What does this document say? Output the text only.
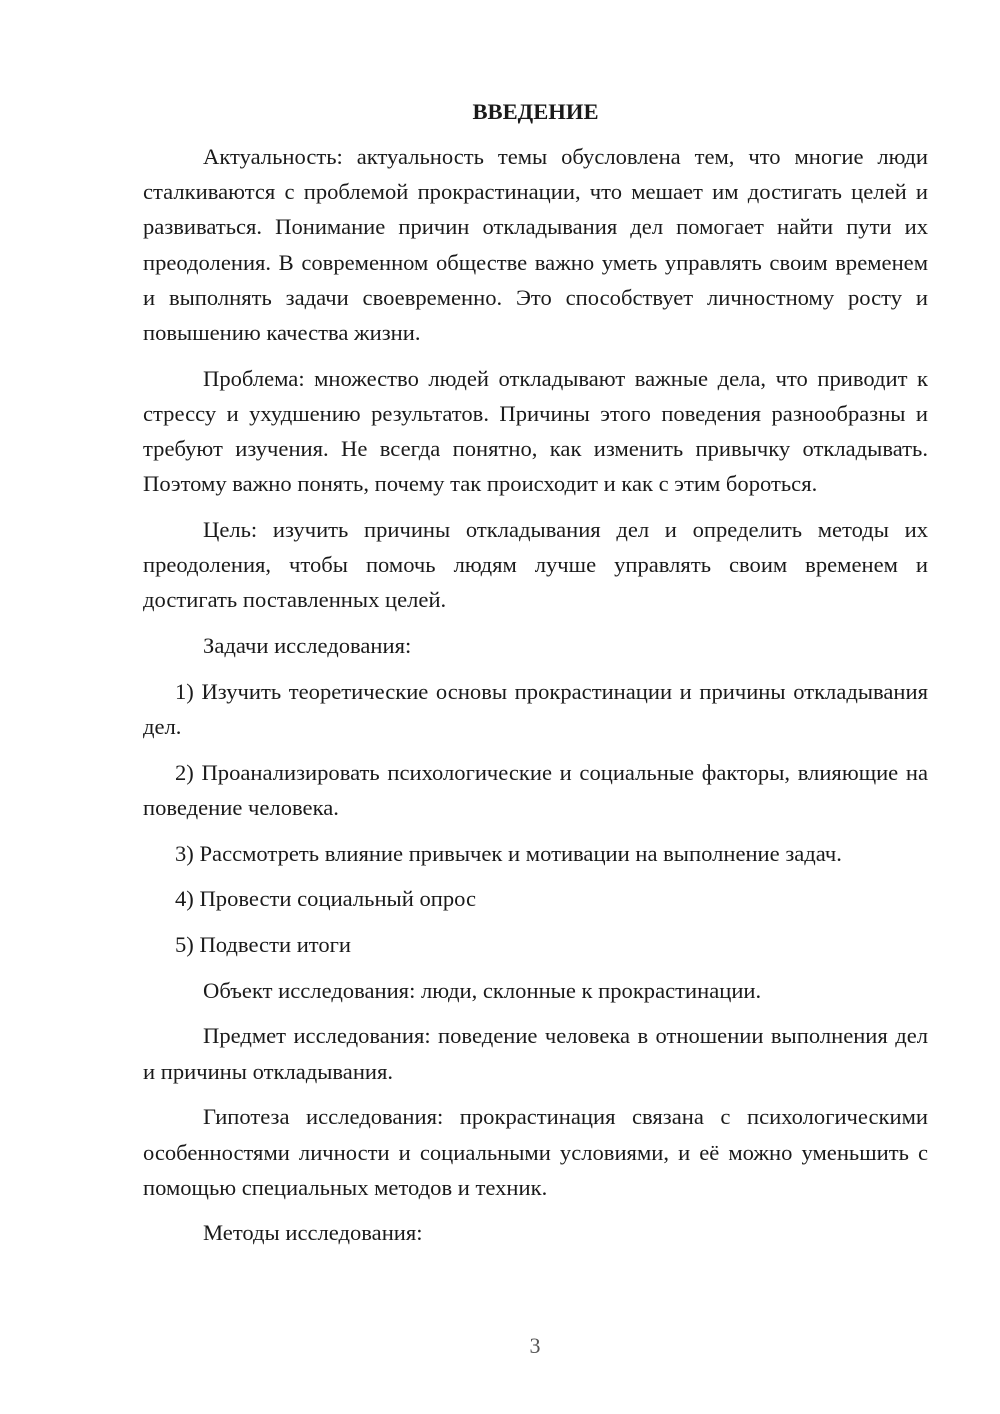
ВВЕДЕНИЕ

Актуальность: актуальность темы обусловлена тем, что многие люди сталкиваются с проблемой прокрастинации, что мешает им достигать целей и развиваться. Понимание причин откладывания дел помогает найти пути их преодоления. В современном обществе важно уметь управлять своим временем и выполнять задачи своевременно. Это способствует личностному росту и повышению качества жизни.

Проблема: множество людей откладывают важные дела, что приводит к стрессу и ухудшению результатов. Причины этого поведения разнообразны и требуют изучения. Не всегда понятно, как изменить привычку откладывать. Поэтому важно понять, почему так происходит и как с этим бороться.

Цель: изучить причины откладывания дел и определить методы их преодоления, чтобы помочь людям лучше управлять своим временем и достигать поставленных целей.

Задачи исследования:

1) Изучить теоретические основы прокрастинации и причины откладывания дел.

2) Проанализировать психологические и социальные факторы, влияющие на поведение человека.

3) Рассмотреть влияние привычек и мотивации на выполнение задач.

4) Провести социальный опрос

5) Подвести итоги

Объект исследования: люди, склонные к прокрастинации.

Предмет исследования: поведение человека в отношении выполнения дел и причины откладывания.

Гипотеза исследования: прокрастинация связана с психологическими особенностями личности и социальными условиями, и её можно уменьшить с помощью специальных методов и техник.

Методы исследования:

3
